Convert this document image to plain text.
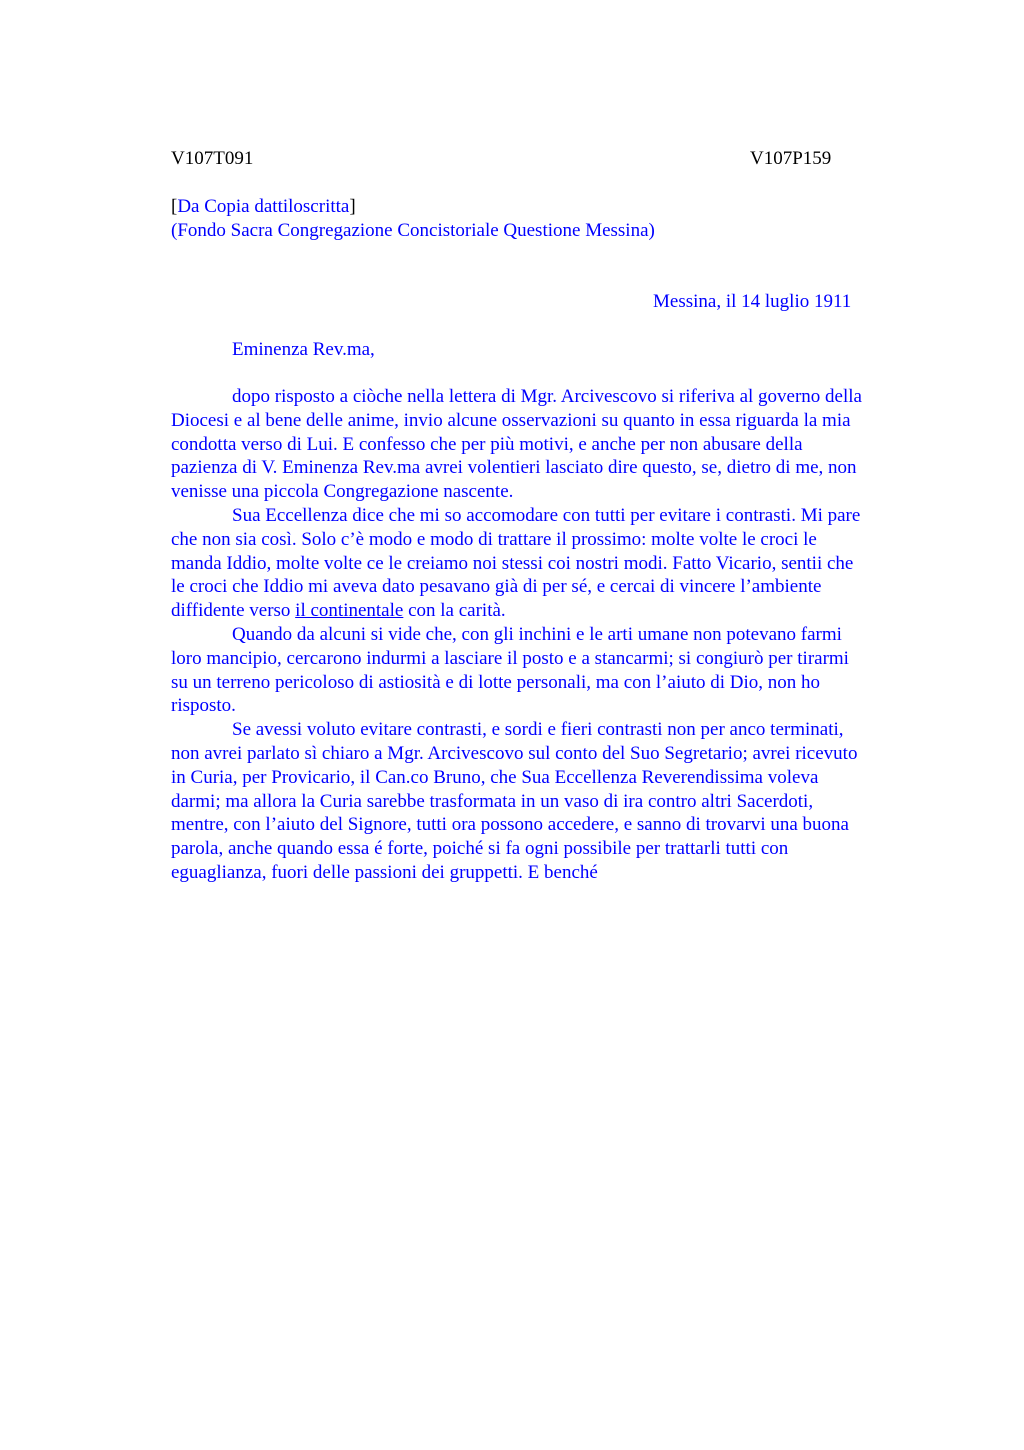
V107T091	V107P159
[Da Copia dattiloscritta]
(Fondo Sacra Congregazione Concistoriale Questione Messina)
Messina, il 14 luglio 1911
Eminenza Rev.ma,
dopo risposto a ciòche nella lettera di Mgr. Arcivescovo si riferiva al governo della
Diocesi e al bene delle anime, invio alcune osservazioni su quanto in essa riguarda la mia
condotta verso di Lui. E confesso che per più motivi, e anche per non abusare della
pazienza di V. Eminenza Rev.ma avrei volentieri lasciato dire questo, se, dietro di me, non
venisse una piccola Congregazione nascente.
Sua Eccellenza dice che mi so accomodare con tutti per evitare i contrasti. Mi pare
che non sia così. Solo c’è modo e modo di trattare il prossimo: molte volte le croci le
manda Iddio, molte volte ce le creiamo noi stessi coi nostri modi. Fatto Vicario, sentii che
le croci che Iddio mi aveva dato pesavano già di per sé, e cercai di vincere l’ambiente
diffidente verso il continentale con la carità.
Quando da alcuni si vide che, con gli inchini e le arti umane non potevano farmi
loro mancipio, cercarono indurmi a lasciare il posto e a stancarmi; si congiurò per tirarmi
su un terreno pericoloso di astiosità e di lotte personali, ma con l’aiuto di Dio, non ho
risposto.
Se avessi voluto evitare contrasti, e sordi e fieri contrasti non per anco terminati,
non avrei parlato sì chiaro a Mgr. Arcivescovo sul conto del Suo Segretario; avrei ricevuto
in Curia, per Provicario, il Can.co Bruno, che Sua Eccellenza Reverendissima voleva
darmi; ma allora la Curia sarebbe trasformata in un vaso di ira contro altri Sacerdoti,
mentre, con l’aiuto del Signore, tutti ora possono accedere, e sanno di trovarvi una buona
parola, anche quando essa é forte, poiché si fa ogni possibile per trattarli tutti con
eguaglianza, fuori delle passioni dei gruppetti. E benché
